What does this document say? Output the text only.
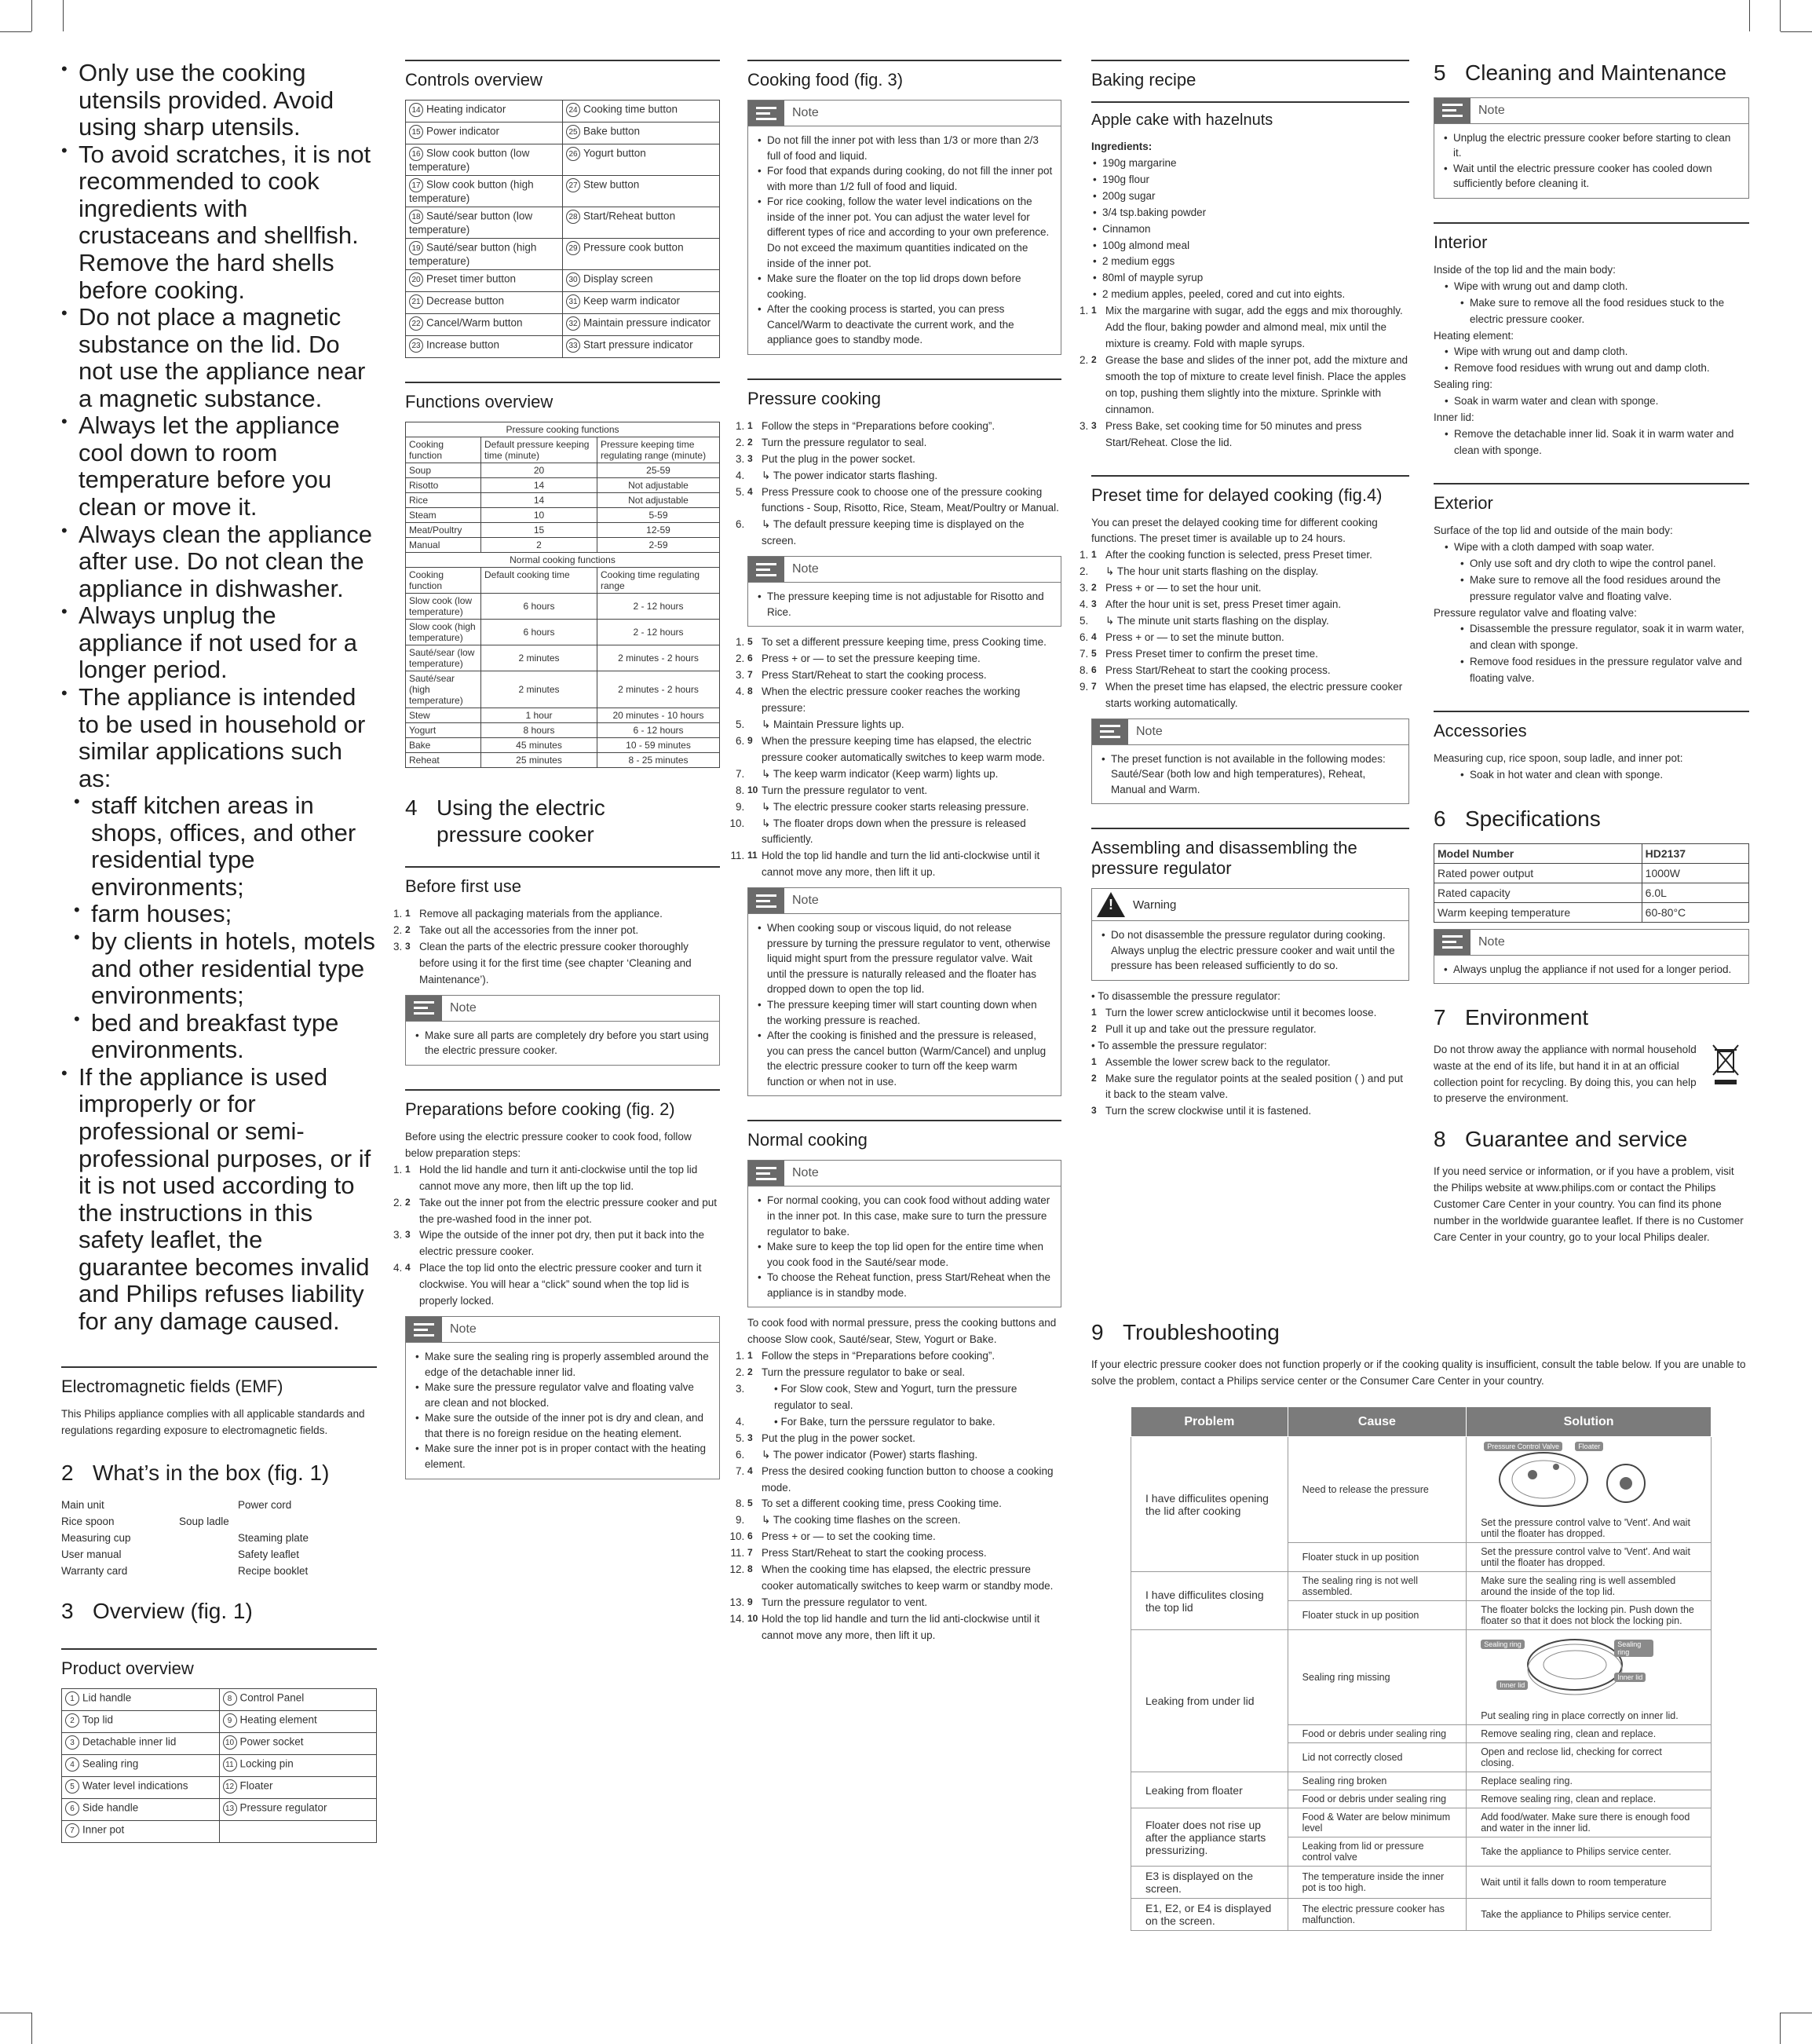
• Only use the cooking utensils provided. Avoid using sharp utensils.
• To avoid scratches, it is not recommended to cook ingredients with crustaceans and shellfish. Remove the hard shells before cooking.
• Do not place a magnetic substance on the lid. Do not use the appliance near a magnetic substance.
• Always let the appliance cool down to room temperature before you clean or move it.
• Always clean the appliance after use. Do not clean the appliance in dishwasher.
• Always unplug the appliance if not used for a longer period.
• The appliance is intended to be used in household or similar applications such as:
• staff kitchen areas in shops, offices, and other residential type environments;
• farm houses;
• by clients in hotels, motels and other residential type environments;
• bed and breakfast type environments.
• If the appliance is used improperly or for professional or semi-professional purposes, or if it is not used according to the instructions in this safety leaflet, the guarantee becomes invalid and Philips refuses liability for any damage caused.
Electromagnetic fields (EMF)

This Philips appliance complies with all applicable standards and regulations regarding exposure to electromagnetic fields.

2 What’s in the box (fig. 1)
Main unit	Power cord
Rice spoon	Soup ladle
Measuring cup	Steaming plate
User manual	Safety leaflet
Warranty card	Recipe booklet
3 Overview (fig. 1)
Product overview
1 Lid handle	8 Control Panel
2 Top lid	9 Heating element
3 Detachable inner lid	10 Power socket
4 Sealing ring	11 Locking pin
5 Water level indications	12 Floater
6 Side handle	13 Pressure regulator
7 Inner pot	
Controls overview
14 Heating indicator	24 Cooking time button
15 Power indicator	25 Bake button
16 Slow cook button (low temperature)	26 Yogurt button
17 Slow cook button (high temperature)	27 Stew button
18 Sauté/sear button (low temperature)	28 Start/Reheat button
19 Sauté/sear button (high temperature)	29 Pressure cook button
20 Preset timer button	30 Display screen
21 Decrease button	31 Keep warm indicator
22 Cancel/Warm button	32 Maintain pressure indicator
23 Increase button	33 Start pressure indicator
Functions overview
Pressure cooking functions		
Cooking function	Default pressure keeping time (minute)	Pressure keeping time regulating range (minute)
Soup	20	25-59
Risotto	14	Not adjustable
Rice	14	Not adjustable
Steam	10	5-59
Meat/Poultry	15	12-59
Manual	2	2-59
Normal cooking functions		
Cooking function	Default cooking time	Cooking time regulating range
Slow cook (low temperature)	6 hours	2 - 12 hours
Slow cook (high temperature)	6 hours	2 - 12 hours
Sauté/sear (low temperature)	2 minutes	2 minutes - 2 hours
Sauté/sear (high temperature)	2 minutes	2 minutes - 2 hours
Stew	1 hour	20 minutes - 10 hours
Yogurt	8 hours	6 - 12 hours
Bake	45 minutes	10 - 59 minutes
Reheat	25 minutes	8 - 25 minutes
4 Using the electric pressure cooker
Before first use
1. 1 Remove all packaging materials from the appliance.
2. 2 Take out all the accessories from the inner pot.
3. 3 Clean the parts of the electric pressure cooker thoroughly before using it for the first time (see chapter ‘Cleaning and Maintenance’).
Note
• Make sure all parts are completely dry before you start using the electric pressure cooker.
Preparations before cooking (fig. 2)

Before using the electric pressure cooker to cook food, follow below preparation steps:

1. 1 Hold the lid handle and turn it anti-clockwise until the top lid cannot move any more, then lift up the top lid.
2. 2 Take out the inner pot from the electric pressure cooker and put the pre-washed food in the inner pot.
3. 3 Wipe the outside of the inner pot dry, then put it back into the electric pressure cooker.
4. 4 Place the top lid onto the electric pressure cooker and turn it clockwise. You will hear a “click” sound when the top lid is properly locked.
Note
• Make sure the sealing ring is properly assembled around the edge of the detachable inner lid.
• Make sure the pressure regulator valve and floating valve are clean and not blocked.
• Make sure the outside of the inner pot is dry and clean, and that there is no foreign residue on the heating element.
• Make sure the inner pot is in proper contact with the heating element.
Cooking food (fig. 3)
Note
• Do not fill the inner pot with less than 1/3 or more than 2/3 full of food and liquid.
• For food that expands during cooking, do not fill the inner pot with more than 1/2 full of food and liquid.
• For rice cooking, follow the water level indications on the inside of the inner pot. You can adjust the water level for different types of rice and according to your own preference. Do not exceed the maximum quantities indicated on the inside of the inner pot.
• Make sure the floater on the top lid drops down before cooking.
• After the cooking process is started, you can press Cancel/Warm to deactivate the current work, and the appliance goes to standby mode.
Pressure cooking
1. 1 Follow the steps in “Preparations before cooking”.
2. 2 Turn the pressure regulator to seal.
3. 3 Put the plug in the power socket.
4. ↳ The power indicator starts flashing.
5. 4 Press Pressure cook to choose one of the pressure cooking functions - Soup, Risotto, Rice, Steam, Meat/Poultry or Manual.
6. ↳ The default pressure keeping time is displayed on the screen.
Note
• The pressure keeping time is not adjustable for Risotto and Rice.
1. 5 To set a different pressure keeping time, press Cooking time.
2. 6 Press + or — to set the pressure keeping time.
3. 7 Press Start/Reheat to start the cooking process.
4. 8 When the electric pressure cooker reaches the working pressure:
5. ↳ Maintain Pressure lights up.
6. 9 When the pressure keeping time has elapsed, the electric pressure cooker automatically switches to keep warm mode.
7. ↳ The keep warm indicator (Keep warm) lights up.
8. 10 Turn the pressure regulator to vent.
9. ↳ The electric pressure cooker starts releasing pressure.
10. ↳ The floater drops down when the pressure is released sufficiently.
11. 11 Hold the top lid handle and turn the lid anti-clockwise until it cannot move any more, then lift it up.
Note
• When cooking soup or viscous liquid, do not release pressure by turning the pressure regulator to vent, otherwise liquid might spurt from the pressure regulator valve. Wait until the pressure is naturally released and the floater has dropped down to open the top lid.
• The pressure keeping timer will start counting down when the working pressure is reached.
• After the cooking is finished and the pressure is released, you can press the cancel button (Warm/Cancel) and unplug the electric pressure cooker to turn off the keep warm function or when not in use.
Normal cooking
Note
• For normal cooking, you can cook food without adding water in the inner pot. In this case, make sure to turn the pressure regulator to bake.
• Make sure to keep the top lid open for the entire time when you cook food in the Sauté/sear mode.
• To choose the Reheat function, press Start/Reheat when the appliance is in standby mode.

To cook food with normal pressure, press the cooking buttons and choose Slow cook, Sauté/sear, Stew, Yogurt or Bake.

1. 1 Follow the steps in “Preparations before cooking”.
2. 2 Turn the pressure regulator to bake or seal.
3. • For Slow cook, Stew and Yogurt, turn the pressure regulator to seal.
4. • For Bake, turn the perssure regulator to bake.
5. 3 Put the plug in the power socket.
6. ↳ The power indicator (Power) starts flashing.
7. 4 Press the desired cooking function button to choose a cooking mode.
8. 5 To set a different cooking time, press Cooking time.
9. ↳ The cooking time flashes on the screen.
10. 6 Press + or — to set the cooking time.
11. 7 Press Start/Reheat to start the cooking process.
12. 8 When the cooking time has elapsed, the electric pressure cooker automatically switches to keep warm or standby mode.
13. 9 Turn the pressure regulator to vent.
14. 10 Hold the top lid handle and turn the lid anti-clockwise until it cannot move any more, then lift it up.
Baking recipe
Apple cake with hazelnuts

Ingredients:

• 190g margarine
• 190g flour
• 200g sugar
• 3/4 tsp.baking powder
• Cinnamon
• 100g almond meal
• 2 medium eggs
• 80ml of mayple syrup
• 2 medium apples, peeled, cored and cut into eights.
1. 1 Mix the margarine with sugar, add the eggs and mix thoroughly. Add the flour, baking powder and almond meal, mix until the mixture is creamy. Fold with maple syrups.
2. 2 Grease the base and slides of the inner pot, add the mixture and smooth the top of mixture to create level finish. Place the apples on top, pushing them slightly into the mixture. Sprinkle with cinnamon.
3. 3 Press Bake, set cooking time for 50 minutes and press Start/Reheat. Close the lid.
Preset time for delayed cooking (fig.4)

You can preset the delayed cooking time for different cooking functions. The preset timer is available up to 24 hours.

1. 1 After the cooking function is selected, press Preset timer.
2. ↳ The hour unit starts flashing on the display.
3. 2 Press + or — to set the hour unit.
4. 3 After the hour unit is set, press Preset timer again.
5. ↳ The minute unit starts flashing on the display.
6. 4 Press + or — to set the minute button.
7. 5 Press Preset timer to confirm the preset time.
8. 6 Press Start/Reheat to start the cooking process.
9. 7 When the preset time has elapsed, the electric pressure cooker starts working automatically.
Note
• The preset function is not available in the following modes: Sauté/Sear (both low and high temperatures), Reheat, Manual and Warm.
Assembling and disassembling the pressure regulator
!
Warning
• Do not disassemble the pressure regulator during cooking. Always unplug the electric pressure cooker and wait until the pressure has been released sufficiently to do so.
• To disassemble the pressure regulator:
1 Turn the lower screw anticlockwise until it becomes loose.
2 Pull it up and take out the pressure regulator.
• To assemble the pressure regulator:
1 Assemble the lower screw back to the regulator.
2 Make sure the regulator points at the sealed position ( ) and put it back to the steam valve.
3 Turn the screw clockwise until it is fastened.
5 Cleaning and Maintenance
Note
• Unplug the electric pressure cooker before starting to clean it.
• Wait until the electric pressure cooker has cooled down sufficiently before cleaning it.
Interior
Inside of the top lid and the main body:
• Wipe with wrung out and damp cloth.
• Make sure to remove all the food residues stuck to the electric pressure cooker.
Heating element:
• Wipe with wrung out and damp cloth.
• Remove food residues with wrung out and damp cloth.
Sealing ring:
• Soak in warm water and clean with sponge.
Inner lid:
• Remove the detachable inner lid. Soak it in warm water and clean with sponge.
Exterior
Surface of the top lid and outside of the main body:
• Wipe with a cloth damped with soap water.
• Only use soft and dry cloth to wipe the control panel.
• Make sure to remove all the food residues around the pressure regulator valve and floating valve.
Pressure regulator valve and floating valve:
• Disassemble the pressure regulator, soak it in warm water, and clean with sponge.
• Remove food residues in the pressure regulator valve and floating valve.
Accessories
Measuring cup, rice spoon, soup ladle, and inner pot:
• Soak in hot water and clean with sponge.
6 Specifications
Model Number	HD2137
Rated power output	1000W
Rated capacity	6.0L
Warm keeping temperature	60-80°C
Note
• Always unplug the appliance if not used for a longer period.
7 Environment

Do not throw away the appliance with normal household waste at the end of its life, but hand it in at an official collection point for recycling. By doing this, you can help to preserve the environment.

8 Guarantee and service

If you need service or information, or if you have a problem, visit the Philips website at www.philips.com or contact the Philips Customer Care Center in your country. You can find its phone number in the worldwide guarantee leaflet. If there is no Customer Care Center in your country, go to your local Philips dealer.

9 Troubleshooting

If your electric pressure cooker does not function properly or if the cooking quality is insufficient, consult the table below. If you are unable to solve the problem, contact a Philips service center or the Consumer Care Center in your country.

Problem	Cause	Solution
I have difficulites opening the lid after cooking	Need to release the pressure	Pressure Control Valve Floater
Set the pressure control valve to 'Vent'. And wait until the floater has dropped.

	Floater stuck in up position	Set the pressure control valve to 'Vent'. And wait until the floater has dropped.

I have difficulites closing the top lid	The sealing ring is not well assembled.	Make sure the sealing ring is well assembled around the inside of the top lid.

	Floater stuck in up position	The floater bolcks the locking pin. Push down the floater so that it does not block the locking pin.

Leaking from under lid	Sealing ring missing	Sealing ring Sealing ring
Inner lid
Inner lid
Put sealing ring in place correctly on inner lid.

	Food or debris under sealing ring	Remove sealing ring, clean and replace.

	Lid not correctly closed	Open and reclose lid, checking for correct closing.

Leaking from floater	Sealing ring broken	Replace sealing ring.

	Food or debris under sealing ring	Remove sealing ring, clean and replace.

Floater does not rise up after the appliance starts pressurizing.	Food & Water are below minimum level	Add food/water. Make sure there is enough food and water in the inner lid.

	Leaking from lid or pressure control valve	Take the appliance to Philips service center.

E3 is displayed on the screen.	The temperature inside the inner pot is too high.	Wait until it falls down to room temperature

E1, E2, or E4 is displayed on the screen.	The electric pressure cooker has malfunction.	Take the appliance to Philips service center.
